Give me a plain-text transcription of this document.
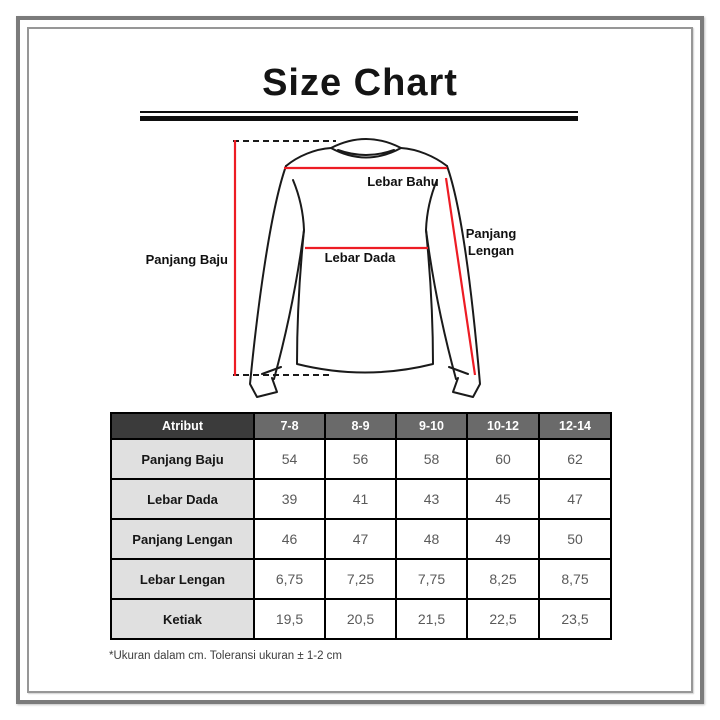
Size Chart
Panjang Baju
Lebar Bahu
Lebar Dada
Panjang Lengan
Atribut	7-8	8-9	9-10	10-12	12-14
Panjang Baju	54	56	58	60	62
Lebar Dada	39	41	43	45	47
Panjang Lengan	46	47	48	49	50
Lebar Lengan	6,75	7,25	7,75	8,25	8,75
Ketiak	19,5	20,5	21,5	22,5	23,5
*Ukuran dalam cm. Toleransi ukuran ± 1-2 cm
